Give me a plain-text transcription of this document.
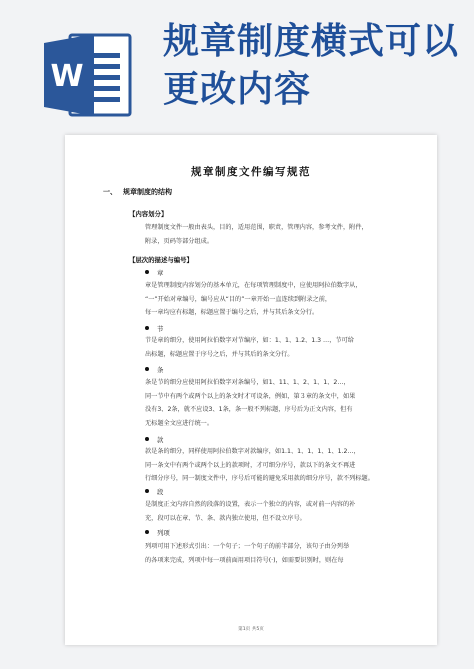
W
规章制度横式可以
更改内容
规章制度文件编写规范
一、 规章制度的结构
【内容划分】

管理制度文件一般由表头，目的，适用范围，职责，管理内容，参考文件，附件，

附录，页码等部分组成。

【层次的描述与编号】
章

章是管理制度内容划分的基本单元，在每项管理制度中，应使用阿拉伯数字从，

“一”开始对章编号，编号应从“目的”一章开始一直连续到附录之前，

每一章均应有标题，标题应置于编号之后，并与其后条文分行。

节

节是章的细分，使用阿拉伯数字对节编序，如：1、1、1.2、1.3 …，节可给

出标题，标题应置于序号之后，并与其后的条文分行。

条

条是节的细分应使用阿拉伯数字对条编号，如1、11、1、2、1、1、2…，

同一节中有两个或两个以上的条文时才可设条，例如，第３章的条文中，如果

没有3、2条，就不应设3、1条，条一般不列标题，序号后为正文内容，但有

无标题全文应进行统一。

款

款是条的细分，同样使用阿拉伯数字对款编序，如1.1、1、1、1、1、1.2…，

同一条文中有两个或两个以上的款项时，才可细分序号，款以下的条文不再进

行细分序号，同一制度文件中，序号后可能的避免采用款的细分序号，款不列标题。

段

是制度正文内容自然的段落的设置，表示一个独立的内容，或对前一内容的补

充，段可以在章、节、条、款内独立使用，但不设立序号。

列项

列项可用下述形式引出：一个句子；一个句子的前半部分，该句子由分列举

的各项来完成，列项中每一项前面用项目符号(·)，如需要识别时，则在每

第1页 共5页
